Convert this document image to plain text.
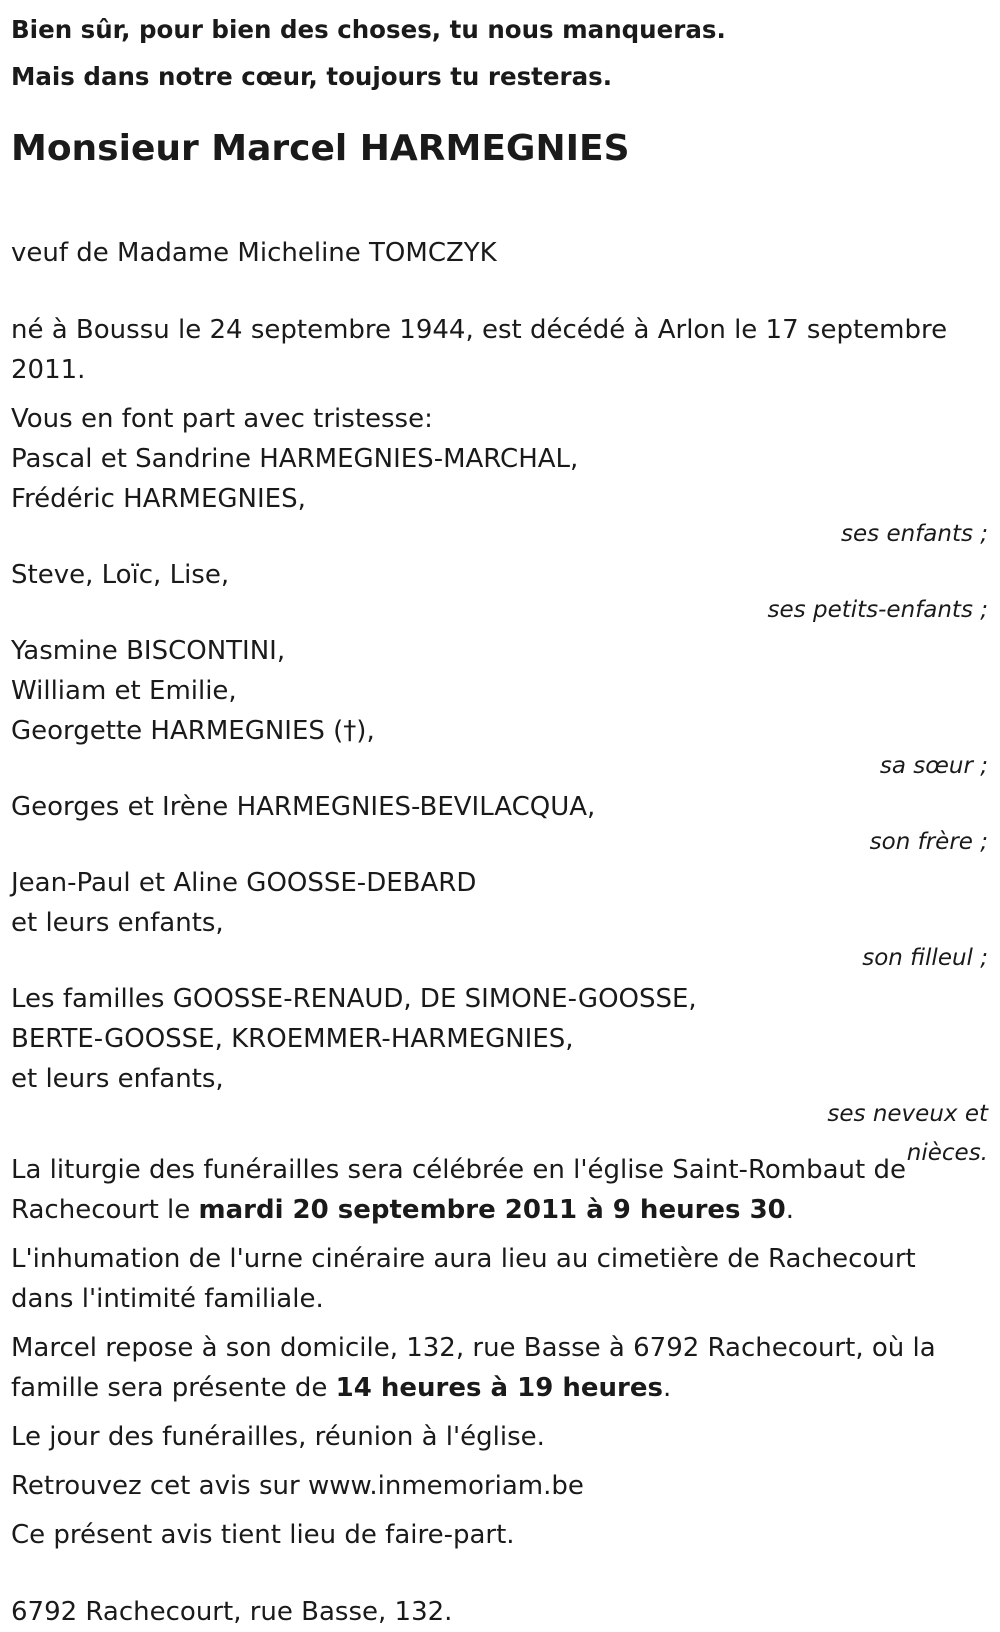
Bien sûr, pour bien des choses, tu nous manqueras.

Mais dans notre cœur, toujours tu resteras.

Monsieur Marcel HARMEGNIES

veuf de Madame Micheline TOMCZYK

né à Boussu le 24 septembre 1944, est décédé à Arlon le 17 septembre 2011.

Vous en font part avec tristesse:

Pascal et Sandrine HARMEGNIES-MARCHAL,

Frédéric HARMEGNIES,

ses enfants ;

Steve, Loïc, Lise,

ses petits-enfants ;

Yasmine BISCONTINI,

William et Emilie,

Georgette HARMEGNIES (†),

sa sœur ;

Georges et Irène HARMEGNIES-BEVILACQUA,

son frère ;

Jean-Paul et Aline GOOSSE-DEBARD

et leurs enfants,

son filleul ;

Les familles GOOSSE-RENAUD, DE SIMONE-GOOSSE,

BERTE-GOOSSE, KROEMMER-HARMEGNIES,

et leurs enfants,

ses neveux et nièces.

La liturgie des funérailles sera célébrée en l'église Saint-Rombaut de Rachecourt le mardi 20 septembre 2011 à 9 heures 30.

L'inhumation de l'urne cinéraire aura lieu au cimetière de Rachecourt dans l'intimité familiale.

Marcel repose à son domicile, 132, rue Basse à 6792 Rachecourt, où la famille sera présente de 14 heures à 19 heures.

Le jour des funérailles, réunion à l'église.

Retrouvez cet avis sur www.inmemoriam.be

Ce présent avis tient lieu de faire-part.

6792 Rachecourt, rue Basse, 132.
